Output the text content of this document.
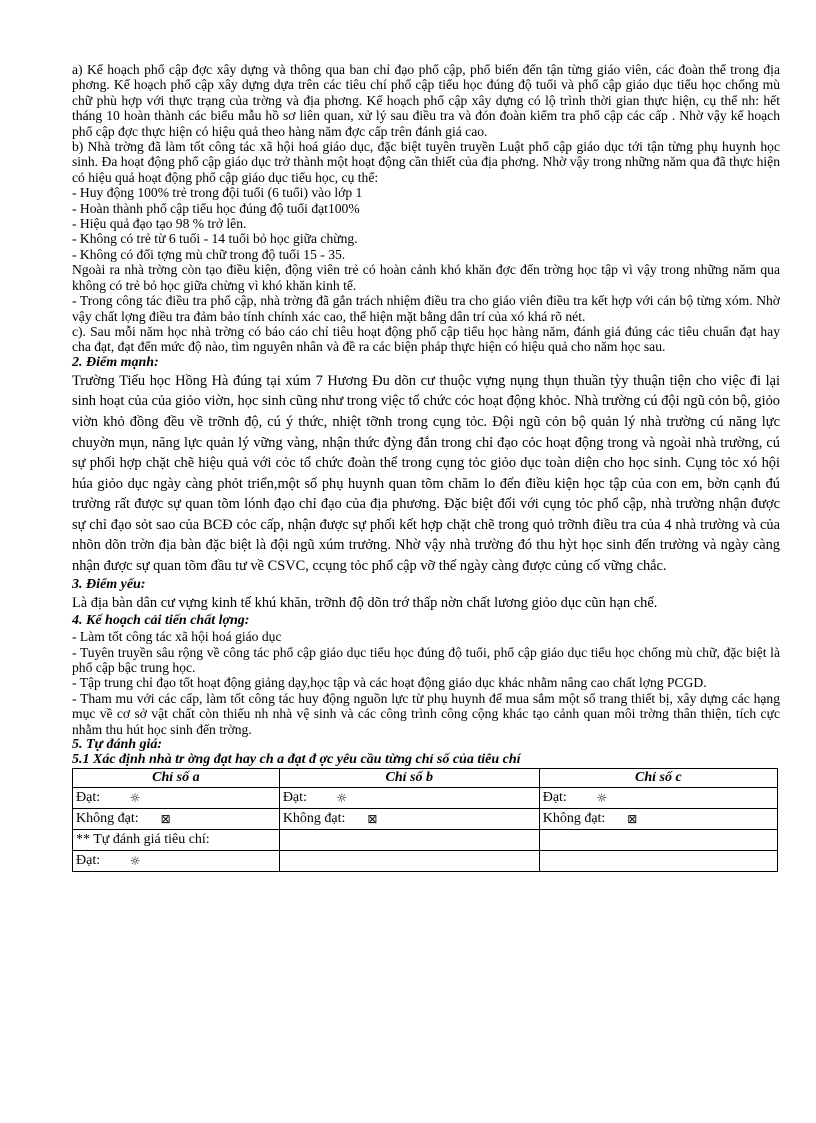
a) Kế hoạch phổ cập đợc xây dựng và thông qua ban chỉ đạo phổ cập, phổ biến đến tận từng giáo viên, các đoàn thể trong địa phơng. Kế hoạch phổ cập xây dựng dựa trên các tiêu chí phổ cập tiểu học đúng độ tuổi và phổ cập giáo dục tiểu học chống mù chữ phù hợp với thực trạng của trờng và địa phơng. Kế hoạch phổ cập xây dựng có lộ trình thời gian thực hiện, cụ thể nh: hết tháng 10 hoàn thành các biểu mẫu hồ sơ liên quan, xử lý sau điều tra và đón đoàn kiểm tra phổ cập các cấp . Nhờ vậy kế hoạch phổ cập đợc thực hiện có hiệu quả theo hàng năm đợc cấp trên đánh giá cao.

b) Nhà trờng đã làm tốt công tác xã hội hoá giáo dục, đặc biệt tuyên truyền Luật phổ cập giáo dục tới tận từng phụ huynh học sinh. Đa hoạt động phổ cập giáo dục trở thành một hoạt động cần thiết của địa phơng. Nhờ vậy trong những năm qua đã thực hiện có hiệu quả hoạt động phổ cập giáo dục tiểu học, cụ thể:

- Huy động 100% trẻ trong đội tuổi (6 tuổi) vào lớp 1

- Hoàn thành phổ cập tiểu học đúng độ tuổi đạt100%

- Hiệu quả đạo tạo 98 % trở lên.

- Không có trẻ từ 6 tuổi - 14 tuổi bỏ học giữa chừng.

- Không có đối tợng mù chữ trong độ tuổi 15 - 35.

Ngoài ra nhà trờng còn tạo điều kiện, động viên trẻ có hoàn cảnh khó khăn đợc đến trờng học tập vì vậy trong những năm qua không có trẻ bỏ học giữa chừng vì khó khăn kinh tế.

- Trong công tác điều tra phổ cập, nhà trờng đã gắn trách nhiệm điều tra cho giáo viên điều tra kết hợp với cán bộ từng xóm. Nhờ vậy chất lợng điều tra đảm bảo tính chính xác cao, thể hiện mặt bằng dân trí của xó khá rõ nét.

c). Sau mỗi năm học nhà trờng có báo cáo chỉ tiêu hoạt động phổ cập tiểu học hàng năm, đánh giá đúng các tiêu chuẩn đạt hay cha đạt, đạt đến mức độ nào, tìm nguyên nhân và đề ra các biện pháp thực hiện có hiệu quả cho năm học sau.

2. Điểm mạnh:

Trường Tiểu học Hồng Hà đúng tại xúm 7 Hương Đu dõn cư thuộc vựng nụng thụn thuần tỳy thuận tiện cho việc đi lại sinh hoạt của của giỏo viờn, học sinh cũng như trong việc tổ chức cỏc hoạt động khỏc. Nhà trường cú đội ngũ cỏn bộ, giỏo viờn khỏ đồng đều về trỡnh độ, cú ý thức, nhiệt tỡnh trong cụng tỏc. Đội ngũ cỏn bộ quản lý nhà trường cú năng lực chuyờn mụn, năng lực quản lý vững vàng, nhận thức đỳng đắn trong chỉ đạo cỏc hoạt động trong và ngoài nhà trường, cú sự phối hợp chặt chẽ hiệu quả với cỏc tổ chức đoàn thể trong cụng tỏc giỏo dục toàn diện cho học sinh. Cụng tỏc xó hội húa giỏo dục ngày càng phỏt triển,một số phụ huynh quan tõm chăm lo đến điều kiện học tập của con em, bờn cạnh đú trường rất được sự quan tõm lónh đạo chỉ đạo của địa phương. Đặc biệt đối với cụng tỏc phổ cập, nhà trường nhận được sự chỉ đạo sỏt sao của BCĐ cỏc cấp, nhận được sự phối kết hợp chặt chẽ trong quỏ trỡnh điều tra của 4 nhà trường và của nhõn dõn trờn địa bàn đặc biệt là đội ngũ xúm trưởng. Nhờ vậy nhà trường đó thu hỳt học sinh đến trường và ngày càng nhận được sự quan tõm đầu tư về CSVC, ccụng tỏc phổ cập vỡ thế ngày càng được củng cố vững chắc.

3. Điểm yếu:

Là địa bàn dân cư vựng kinh tế khú khăn, trỡnh độ dõn trớ thấp nờn chất lương giỏo dục cũn hạn chế.

4. Kế hoạch cải tiến chất lợng:

- Làm tốt công tác xã hội hoá giáo dục

- Tuyên truyền sâu rộng về công tác phổ cập giáo dục tiểu học đúng độ tuổi, phổ cập giáo dục tiểu học chống mù chữ, đặc biệt là phổ cập bậc trung học.

- Tập trung chỉ đạo tốt hoạt động giảng dạy,học tập và các hoạt động giáo dục khác nhằm nâng cao chất lợng PCGD.

- Tham mu với các cấp, làm tốt công tác huy động nguồn lực từ phụ huynh để mua sắm một số trang thiết bị, xây dựng các hạng mục về cơ sở vật chất còn thiếu nh nhà vệ sinh và các công trình công cộng khác tạo cảnh quan môi trờng thân thiện, tích cực nhằm thu hút học sinh đến trờng.

5. Tự đánh giá:

5.1 Xác định nhà tr ờng đạt hay ch a đạt đ ợc yêu cầu từng chỉ số của tiêu chí

Chỉ số a	Chỉ số b	Chỉ số c

Đạt: ☼	Đạt: ☼	Đạt: ☼

Không đạt: ⊠	Không đạt: ⊠	Không đạt: ⊠

** Tự đánh giá tiêu chí:		

Đạt: ☼		
